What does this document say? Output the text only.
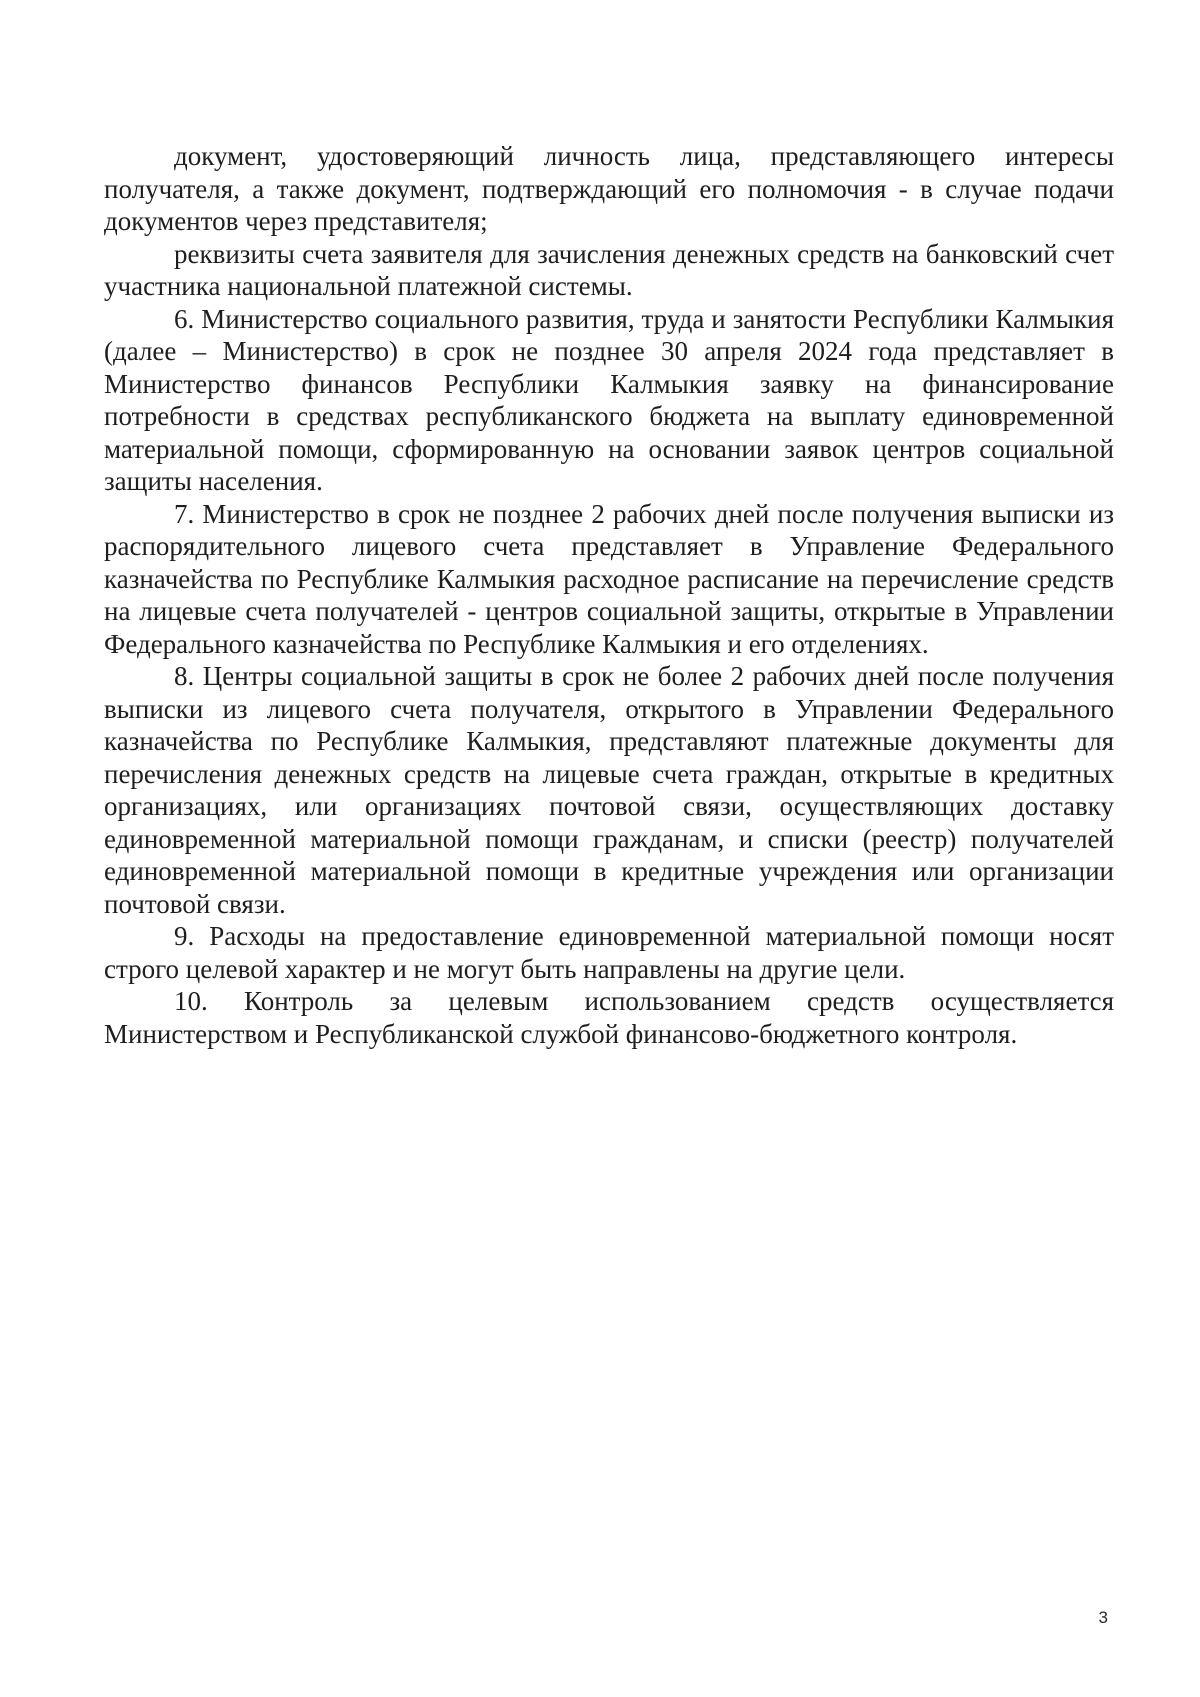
документ, удостоверяющий личность лица, представляющего интересы получателя, а также документ, подтверждающий его полномочия - в случае подачи документов через представителя;

реквизиты счета заявителя для зачисления денежных средств на банковский счет участника национальной платежной системы.

6. Министерство социального развития, труда и занятости Республики Калмыкия (далее – Министерство) в срок не позднее 30 апреля 2024 года представляет в Министерство финансов Республики Калмыкия заявку на финансирование потребности в средствах республиканского бюджета на выплату единовременной материальной помощи, сформированную на основании заявок центров социальной защиты населения.

7. Министерство в срок не позднее 2 рабочих дней после получения выписки из распорядительного лицевого счета представляет в Управление Федерального казначейства по Республике Калмыкия расходное расписание на перечисление средств на лицевые счета получателей - центров социальной защиты, открытые в Управлении Федерального казначейства по Республике Калмыкия и его отделениях.

8. Центры социальной защиты в срок не более 2 рабочих дней после получения выписки из лицевого счета получателя, открытого в Управлении Федерального казначейства по Республике Калмыкия, представляют платежные документы для перечисления денежных средств на лицевые счета граждан, открытые в кредитных организациях, или организациях почтовой связи, осуществляющих доставку единовременной материальной помощи гражданам, и списки (реестр) получателей единовременной материальной помощи в кредитные учреждения или организации почтовой связи.

9. Расходы на предоставление единовременной материальной помощи носят строго целевой характер и не могут быть направлены на другие цели.

10. Контроль за целевым использованием средств осуществляется Министерством и Республиканской службой финансово-бюджетного контроля.

3
